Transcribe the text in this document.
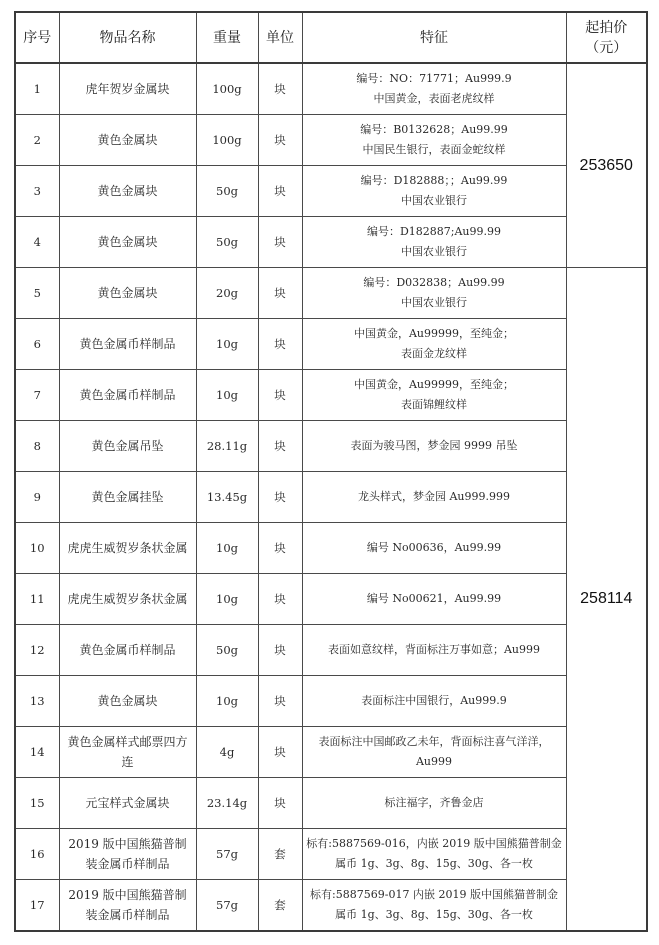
序号	物品名称	重量	单位	特征	起拍价
（元）

1	虎年贺岁金属块	100g	块	编号：NO：71771；Au999.9
中国黄金，表面老虎纹样	253650
2	黄色金属块	100g	块	编号：B0132628；Au99.99
中国民生银行，表面金蛇纹样	

3	黄色金属块	50g	块	编号：D182888；；Au99.99
中国农业银行	

4	黄色金属块	50g	块	编号：D182887;Au99.99
中国农业银行	

5	黄色金属块	20g	块	编号：D032838；Au99.99
中国农业银行	258114
6	黄色金属币样制品	10g	块	中国黄金，Au99999，至纯金；
表面金龙纹样	

7	黄色金属币样制品	10g	块	中国黄金，Au99999，至纯金；
表面锦鲤纹样	

8	黄色金属吊坠	28.11g	块	表面为骏马图，梦金园 9999 吊坠	
9	黄色金属挂坠	13.45g	块	龙头样式，梦金园 Au999.999	
10	虎虎生威贺岁条状金属	10g	块	编号 No00636，Au99.99	
11	虎虎生威贺岁条状金属	10g	块	编号 No00621，Au99.99	
12	黄色金属币样制品	50g	块	表面如意纹样，背面标注万事如意；Au999	
13	黄色金属块	10g	块	表面标注中国银行，Au999.9	
14	黄色金属样式邮票四方连	4g	块	表面标注中国邮政乙未年，背面标注喜气洋洋，Au999	
15	元宝样式金属块	23.14g	块	标注福字，齐鲁金店	
16	2019 版中国熊猫普制装金属币样制品	57g	套	标有:5887569-016，内嵌 2019 版中国熊猫普制金属币 1g、3g、8g、15g、30g、各一枚	
17	2019 版中国熊猫普制装金属币样制品	57g	套	标有:5887569-017 内嵌 2019 版中国熊猫普制金属币 1g、3g、8g、15g、30g、各一枚	
